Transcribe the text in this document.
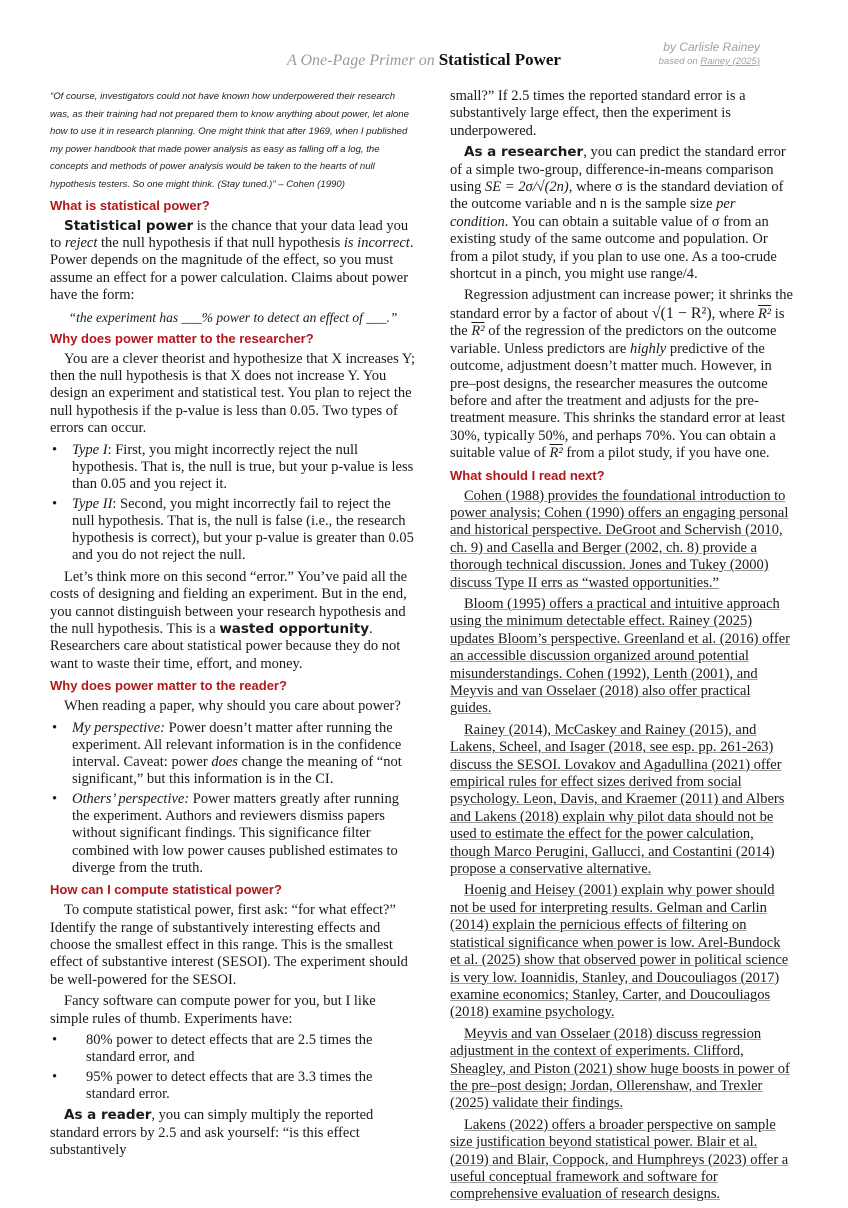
A One-Page Primer on Statistical Power
by Carlisle Rainey
based on Rainey (2025)
“Of course, investigators could not have known how underpowered their research was, as their training had not prepared them to know anything about power, let alone how to use it in research planning. One might think that after 1969, when I published my power handbook that made power analysis as easy as falling off a log, the concepts and methods of power analysis would be taken to the hearts of null hypothesis testers. So one might think. (Stay tuned.)” – Cohen (1990)
What is statistical power?

Statistical power is the chance that your data lead you to reject the null hypothesis if that null hypothesis is incorrect. Power depends on the magnitude of the effect, so you must assume an effect for a power calculation. Claims about power have the form:

“the experiment has ___% power to detect an effect of ___.”
Why does power matter to the researcher?

You are a clever theorist and hypothesize that X increases Y; then the null hypothesis is that X does not increase Y. You design an experiment and statistical test. You plan to reject the null hypothesis if the p-value is less than 0.05. Two types of errors can occur.

• Type I: First, you might incorrectly reject the null hypothesis. That is, the null is true, but your p-value is less than 0.05 and you reject it.
• Type II: Second, you might incorrectly fail to reject the null hypothesis. That is, the null is false (i.e., the research hypothesis is correct), but your p-value is greater than 0.05 and you do not reject the null.

Let’s think more on this second “error.” You’ve paid all the costs of designing and fielding an experiment. But in the end, you cannot distinguish between your research hypothesis and the null hypothesis. This is a wasted opportunity. Researchers care about statistical power because they do not want to waste their time, effort, and money.

Why does power matter to the reader?

When reading a paper, why should you care about power?

• My perspective: Power doesn’t matter after running the experiment. All relevant information is in the confidence interval. Caveat: power does change the meaning of “not significant,” but this information is in the CI.
• Others’ perspective: Power matters greatly after running the experiment. Authors and reviewers dismiss papers without significant findings. This significance filter combined with low power causes published estimates to diverge from the truth.
How can I compute statistical power?

To compute statistical power, first ask: “for what effect?” Identify the range of substantively interesting effects and choose the smallest effect in this range. This is the smallest effect of substantive interest (SESOI). The experiment should be well-powered for the SESOI.

Fancy software can compute power for you, but I like simple rules of thumb. Experiments have:

• 80% power to detect effects that are 2.5 times the standard error, and
• 95% power to detect effects that are 3.3 times the standard error.

As a reader, you can simply multiply the reported standard errors by 2.5 and ask yourself: “is this effect substantively

small?” If 2.5 times the reported standard error is a substantively large effect, then the experiment is underpowered.

As a researcher, you can predict the standard error of a simple two-group, difference-in-means comparison using SE = 2σ/√(2n), where σ is the standard deviation of the outcome variable and n is the sample size per condition. You can obtain a suitable value of σ from an existing study of the same outcome and population. Or from a pilot study, if you plan to use one. As a too-crude shortcut in a pinch, you might use range/4.

Regression adjustment can increase power; it shrinks the standard error by a factor of about √(1 − R²), where R² is the R² of the regression of the predictors on the outcome variable. Unless predictors are highly predictive of the outcome, adjustment doesn’t matter much. However, in pre–post designs, the researcher measures the outcome before and after the treatment and adjusts for the pre-treatment measure. This shrinks the standard error at least 30%, typically 50%, and perhaps 70%. You can obtain a suitable value of R² from a pilot study, if you have one.

What should I read next?

Cohen (1988) provides the foundational introduction to power analysis; Cohen (1990) offers an engaging personal and historical perspective. DeGroot and Schervish (2010, ch. 9) and Casella and Berger (2002, ch. 8) provide a thorough technical discussion. Jones and Tukey (2000) discuss Type II errs as “wasted opportunities.”

Bloom (1995) offers a practical and intuitive approach using the minimum detectable effect. Rainey (2025) updates Bloom’s perspective. Greenland et al. (2016) offer an accessible discussion organized around potential misunderstandings. Cohen (1992), Lenth (2001), and Meyvis and van Osselaer (2018) also offer practical guides.

Rainey (2014), McCaskey and Rainey (2015), and Lakens, Scheel, and Isager (2018, see esp. pp. 261-263) discuss the SESOI. Lovakov and Agadullina (2021) offer empirical rules for effect sizes derived from social psychology. Leon, Davis, and Kraemer (2011) and Albers and Lakens (2018) explain why pilot data should not be used to estimate the effect for the power calculation, though Marco Perugini, Gallucci, and Costantini (2014) propose a conservative alternative.

Hoenig and Heisey (2001) explain why power should not be used for interpreting results. Gelman and Carlin (2014) explain the pernicious effects of filtering on statistical significance when power is low. Arel-Bundock et al. (2025) show that observed power in political science is very low. Ioannidis, Stanley, and Doucouliagos (2017) examine economics; Stanley, Carter, and Doucouliagos (2018) examine psychology.

Meyvis and van Osselaer (2018) discuss regression adjustment in the context of experiments. Clifford, Sheagley, and Piston (2021) show huge boosts in power of the pre–post design; Jordan, Ollerenshaw, and Trexler (2025) validate their findings.

Lakens (2022) offers a broader perspective on sample size justification beyond statistical power. Blair et al. (2019) and Blair, Coppock, and Humphreys (2023) offer a useful conceptual framework and software for comprehensive evaluation of research designs.
